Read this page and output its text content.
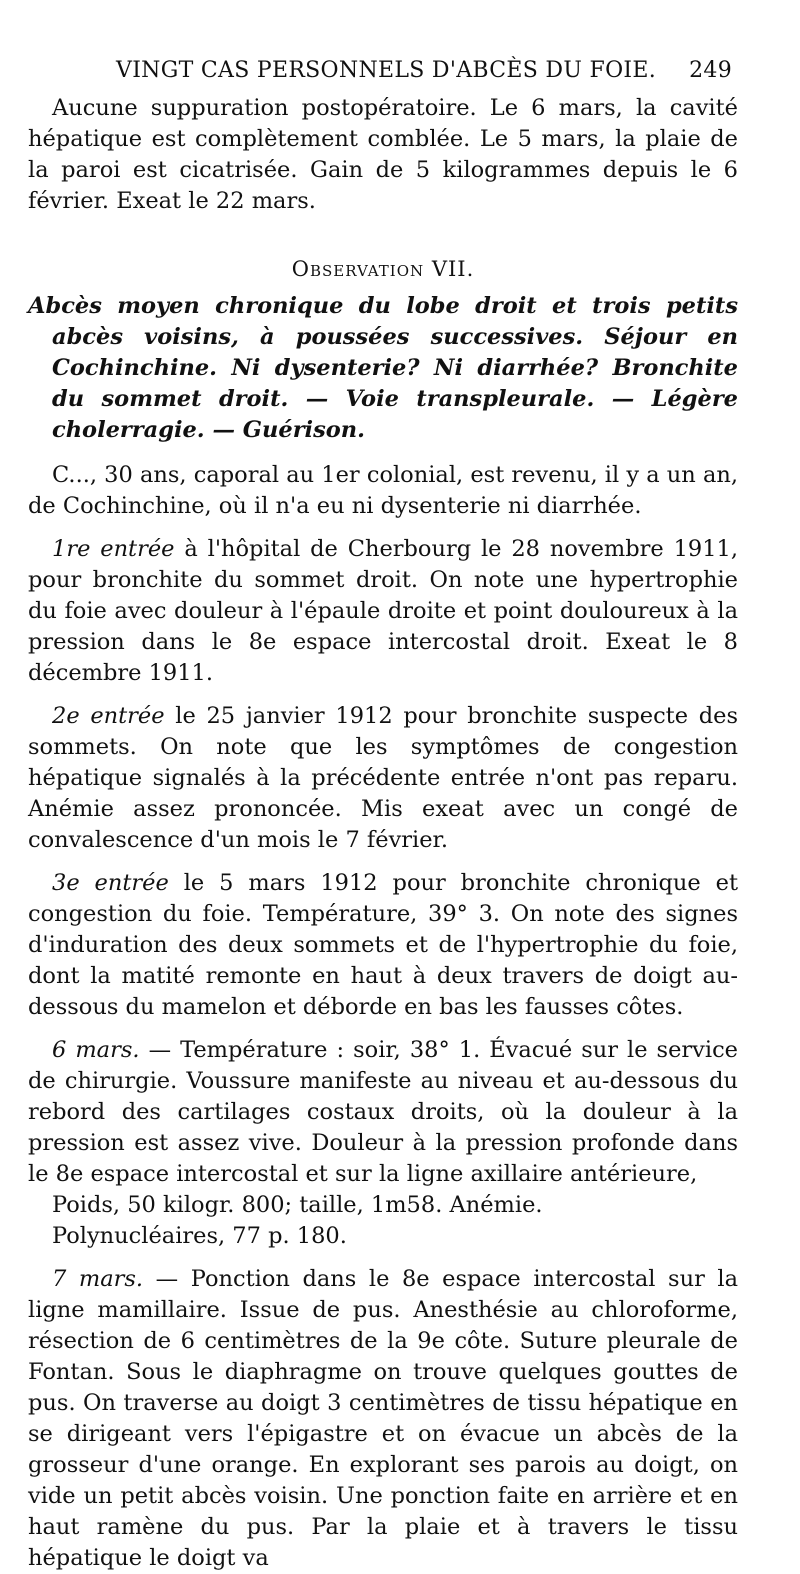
VINGT CAS PERSONNELS D'ABCÈS DU FOIE. 249

Aucune suppuration postopératoire. Le 6 mars, la cavité hépatique est complètement comblée. Le 5 mars, la plaie de la paroi est cicatrisée. Gain de 5 kilogrammes depuis le 6 février. Exeat le 22 mars.

Observation VII.

Abcès moyen chronique du lobe droit et trois petits abcès voisins, à poussées successives. Séjour en Cochinchine. Ni dysenterie? Ni diarrhée? Bronchite du sommet droit. — Voie transpleurale. — Légère cholerragie. — Guérison.

C..., 30 ans, caporal au 1er colonial, est revenu, il y a un an, de Cochinchine, où il n'a eu ni dysenterie ni diarrhée.

1re entrée à l'hôpital de Cherbourg le 28 novembre 1911, pour bronchite du sommet droit. On note une hypertrophie du foie avec douleur à l'épaule droite et point douloureux à la pression dans le 8e espace intercostal droit. Exeat le 8 décembre 1911.

2e entrée le 25 janvier 1912 pour bronchite suspecte des sommets. On note que les symptômes de congestion hépatique signalés à la précédente entrée n'ont pas reparu. Anémie assez prononcée. Mis exeat avec un congé de convalescence d'un mois le 7 février.

3e entrée le 5 mars 1912 pour bronchite chronique et congestion du foie. Température, 39° 3. On note des signes d'induration des deux sommets et de l'hypertrophie du foie, dont la matité remonte en haut à deux travers de doigt au-dessous du mamelon et déborde en bas les fausses côtes.

6 mars. — Température : soir, 38° 1. Évacué sur le service de chirurgie. Voussure manifeste au niveau et au-dessous du rebord des cartilages costaux droits, où la douleur à la pression est assez vive. Douleur à la pression profonde dans le 8e espace intercostal et sur la ligne axillaire antérieure,

Poids, 50 kilogr. 800; taille, 1m58. Anémie.
Polynucléaires, 77 p. 180.

7 mars. — Ponction dans le 8e espace intercostal sur la ligne mamillaire. Issue de pus. Anesthésie au chloroforme, résection de 6 centimètres de la 9e côte. Suture pleurale de Fontan. Sous le diaphragme on trouve quelques gouttes de pus. On traverse au doigt 3 centimètres de tissu hépatique en se dirigeant vers l'épigastre et on évacue un abcès de la grosseur d'une orange. En explorant ses parois au doigt, on vide un petit abcès voisin. Une ponction faite en arrière et en haut ramène du pus. Par la plaie et à travers le tissu hépatique le doigt va
